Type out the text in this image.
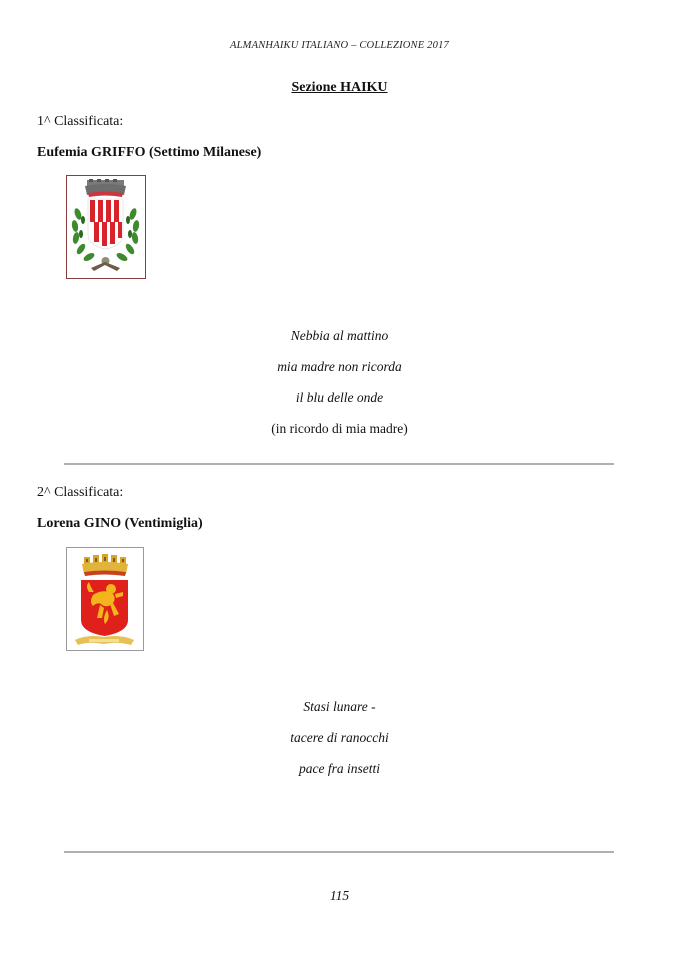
ALMANHAIKU ITALIANO – COLLEZIONE 2017
Sezione HAIKU
1^ Classificata:
Eufemia GRIFFO (Settimo Milanese)
Nebbia al mattino
mia madre non ricorda
il blu delle onde
(in ricordo di mia madre)
2^ Classificata:
Lorena GINO (Ventimiglia)
Stasi lunare -
tacere di ranocchi
pace fra insetti
115
